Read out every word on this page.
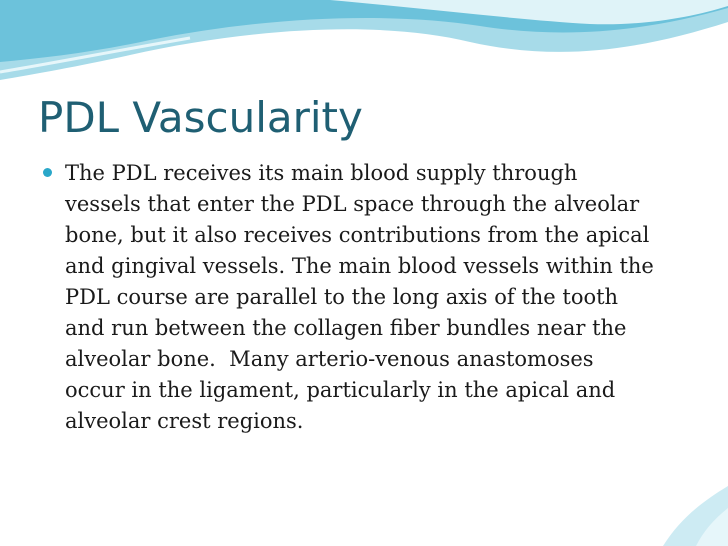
PDL Vascularity

The PDL receives its main blood supply through
vessels that enter the PDL space through the alveolar
bone, but it also receives contributions from the apical
and gingival vessels. The main blood vessels within the
PDL course are parallel to the long axis of the tooth
and run between the collagen fiber bundles near the
alveolar bone.  Many arterio-venous anastomoses
occur in the ligament, particularly in the apical and
alveolar crest regions.
